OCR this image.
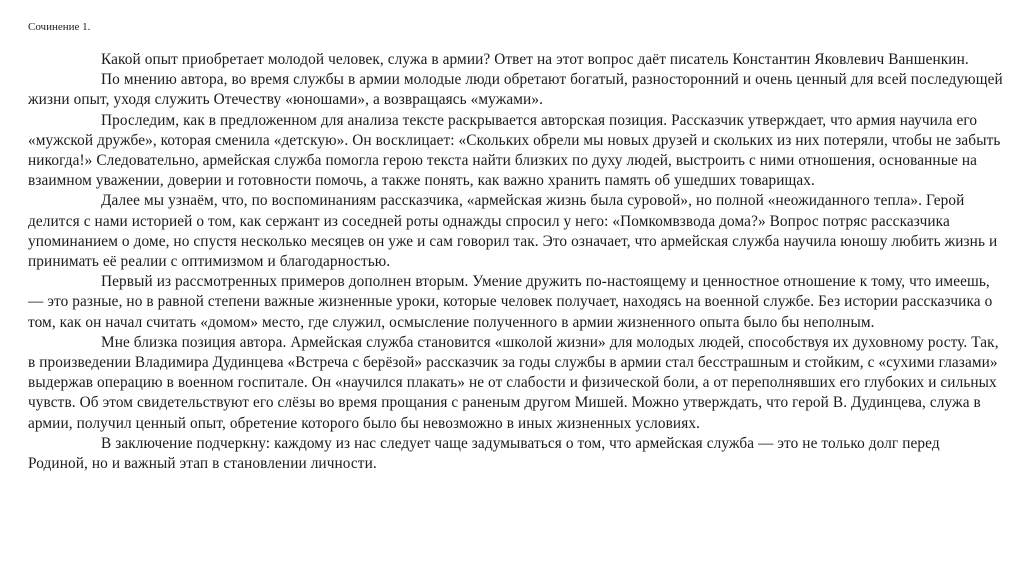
Сочинение 1.

Какой опыт приобретает молодой человек, служа в армии? Ответ на этот вопрос даёт писатель Константин Яковлевич Ваншенкин.

По мнению автора, во время службы в армии молодые люди обретают богатый, разносторонний и очень ценный для всей последующей жизни опыт, уходя служить Отечеству «юношами», а возвращаясь «мужами».

Проследим, как в предложенном для анализа тексте раскрывается авторская позиция. Рассказчик утверждает, что армия научила его «мужской дружбе», которая сменила «детскую». Он восклицает: «Скольких обрели мы новых друзей и скольких из них потеряли, чтобы не забыть никогда!» Следовательно, армейская служба помогла герою текста найти близких по духу людей, выстроить с ними отношения, основанные на взаимном уважении, доверии и готовности помочь, а также понять, как важно хранить память об ушедших товарищах.

Далее мы узнаём, что, по воспоминаниям рассказчика, «армейская жизнь была суровой», но полной «неожиданного тепла». Герой делится с нами историей о том, как сержант из соседней роты однажды спросил у него: «Помкомвзвода дома?» Вопрос потряс рассказчика упоминанием о доме, но спустя несколько месяцев он уже и сам говорил так. Это означает, что армейская служба научила юношу любить жизнь и принимать её реалии с оптимизмом и благодарностью.

Первый из рассмотренных примеров дополнен вторым. Умение дружить по-настоящему и ценностное отношение к тому, что имеешь, — это разные, но в равной степени важные жизненные уроки, которые человек получает, находясь на военной службе. Без истории рассказчика о том, как он начал считать «домом» место, где служил, осмысление полученного в армии жизненного опыта было бы неполным.

Мне близка позиция автора. Армейская служба становится «школой жизни» для молодых людей, способствуя их духовному росту. Так, в произведении Владимира Дудинцева «Встреча с берёзой» рассказчик за годы службы в армии стал бесстрашным и стойким, с «сухими глазами» выдержав операцию в военном госпитале. Он «научился плакать» не от слабости и физической боли, а от переполнявших его глубоких и сильных чувств. Об этом свидетельствуют его слёзы во время прощания с раненым другом Мишей. Можно утверждать, что герой В. Дудинцева, служа в армии, получил ценный опыт, обретение которого было бы невозможно в иных жизненных условиях.

В заключение подчеркну: каждому из нас следует чаще задумываться о том, что армейская служба — это не только долг перед Родиной, но и важный этап в становлении личности.
